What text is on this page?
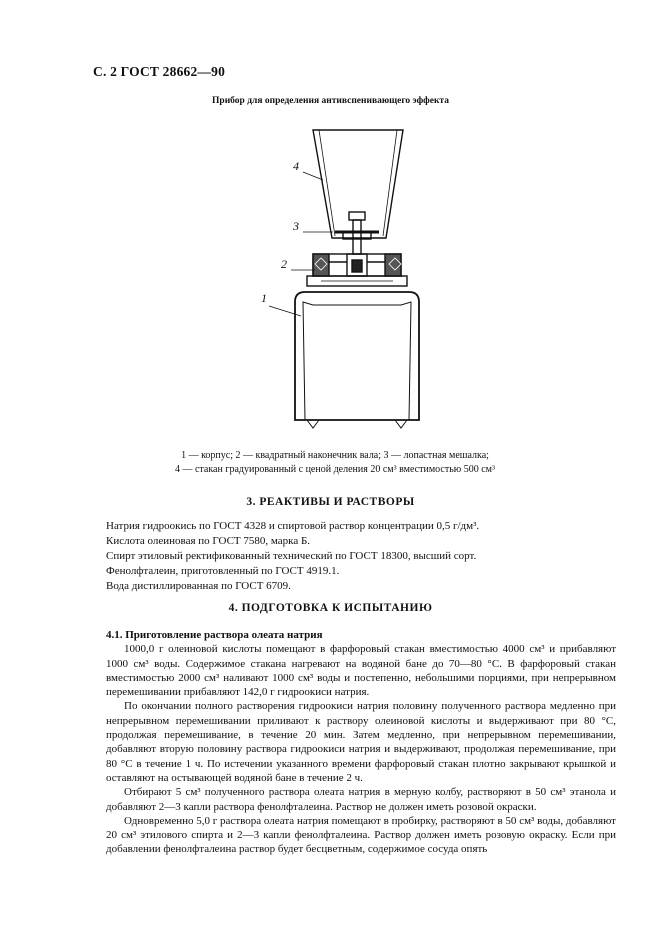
С. 2 ГОСТ 28662—90
Прибор для определения антивспенивающего эффекта
4
3
2
1
1 — корпус; 2 — квадратный наконечник вала; 3 — лопастная мешалка;
4 — стакан градуированный с ценой деления 20 см³ вместимостью 500 см³
3. РЕАКТИВЫ И РАСТВОРЫ
Натрия гидроокись по ГОСТ 4328 и спиртовой раствор концентрации 0,5 г/дм³.
Кислота олеиновая по ГОСТ 7580, марка Б.
Спирт этиловый ректификованный технический по ГОСТ 18300, высший сорт.
Фенолфталеин, приготовленный по ГОСТ 4919.1.
Вода дистиллированная по ГОСТ 6709.
4. ПОДГОТОВКА К ИСПЫТАНИЮ
4.1. Приготовление раствора олеата натрия

1000,0 г олеиновой кислоты помещают в фарфоровый стакан вместимостью 4000 см³ и прибавляют 1000 см³ воды. Содержимое стакана нагревают на водяной бане до 70—80 °С. В фарфоровый стакан вместимостью 2000 см³ наливают 1000 см³ воды и постепенно, небольшими порциями, при непрерывном перемешивании прибавляют 142,0 г гидроокиси натрия.

По окончании полного растворения гидроокиси натрия половину полученного раствора медленно при непрерывном перемешивании приливают к раствору олеиновой кислоты и выдерживают при 80 °С, продолжая перемешивание, в течение 20 мин. Затем медленно, при непрерывном перемешивании, добавляют вторую половину раствора гидроокиси натрия и выдерживают, продолжая перемешивание, при 80 °С в течение 1 ч. По истечении указанного времени фарфоровый стакан плотно закрывают крышкой и оставляют на остывающей водяной бане в течение 2 ч.

Отбирают 5 см³ полученного раствора олеата натрия в мерную колбу, растворяют в 50 см³ этанола и добавляют 2—3 капли раствора фенолфталеина. Раствор не должен иметь розовой окраски.

Одновременно 5,0 г раствора олеата натрия помещают в пробирку, растворяют в 50 см³ воды, добавляют 20 см³ этилового спирта и 2—3 капли фенолфталеина. Раствор должен иметь розовую окраску. Если при добавлении фенолфталеина раствор будет бесцветным, содержимое сосуда опять
